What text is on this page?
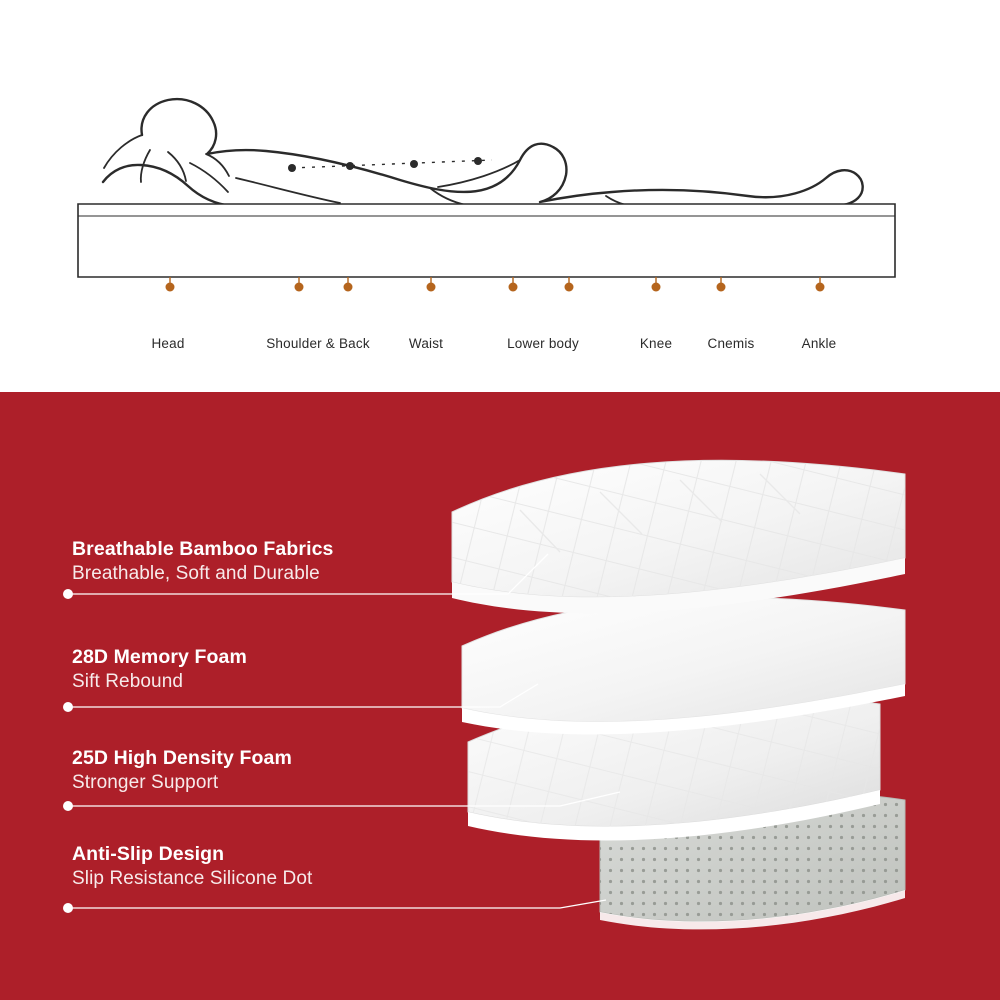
Head	Shoulder & Back	Waist	Lower body	Knee	Cnemis	Ankle
Breathable Bamboo Fabrics
Breathable, Soft and Durable
28D Memory Foam
Sift Rebound
25D High Density Foam
Stronger Support
Anti-Slip Design
Slip Resistance Silicone Dot
